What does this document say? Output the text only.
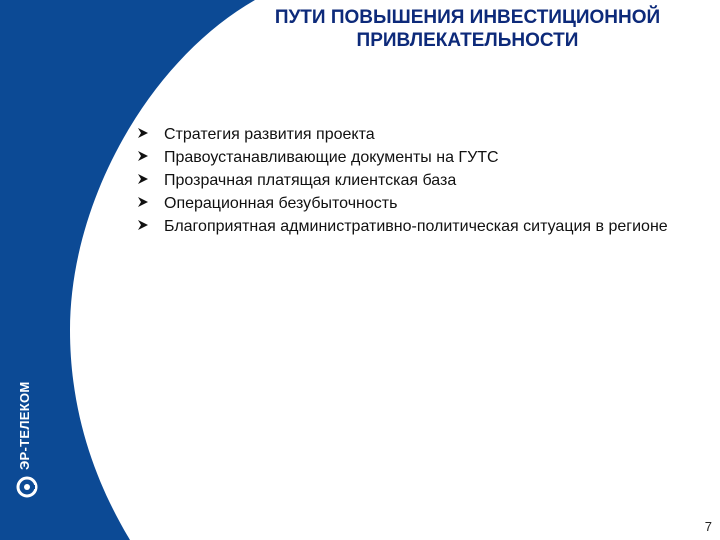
ПУТИ ПОВЫШЕНИЯ ИНВЕСТИЦИОННОЙ
ПРИВЛЕКАТЕЛЬНОСТИ
Стратегия развития проекта
Правоустанавливающие документы на ГУТС
Прозрачная платящая клиентская база
Операционная безубыточность
Благоприятная административно-политическая ситуация в регионе
ЭР-ТЕЛЕКОМ
7
